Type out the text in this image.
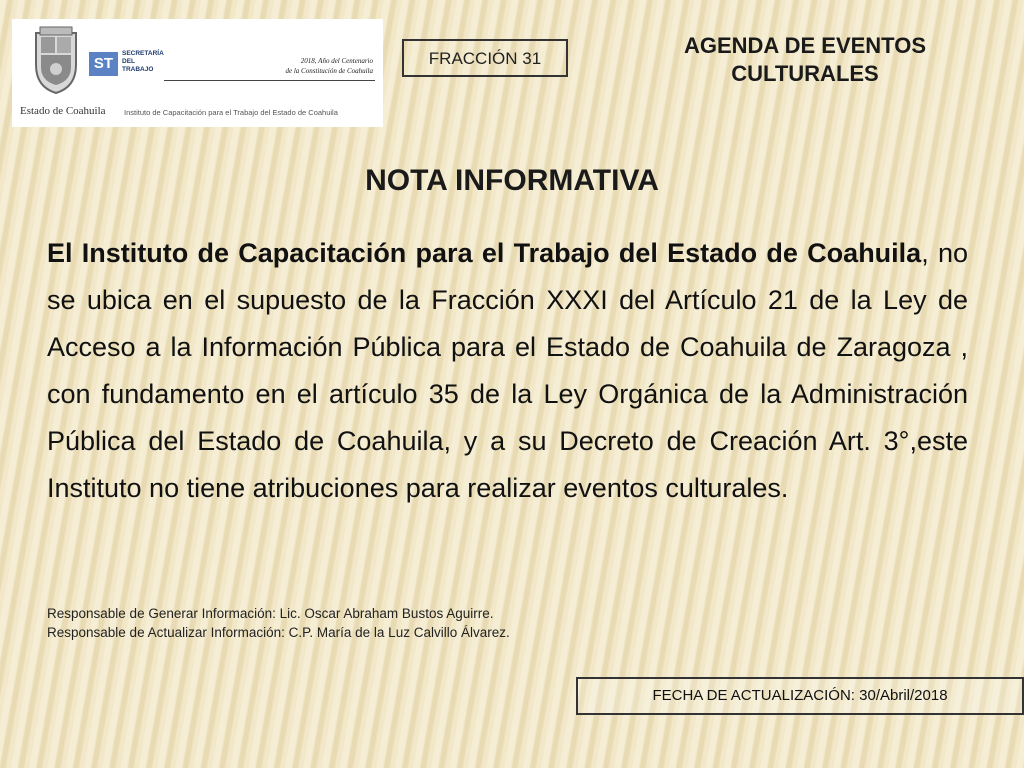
Estado de Coahuila
ST
SECRETARÍA
DEL TRABAJO
2018, Año del Centenario
de la Constitución de Coahuila
Instituto de Capacitación para el Trabajo del Estado de Coahuila
FRACCIÓN 31
AGENDA DE EVENTOS CULTURALES
NOTA INFORMATIVA

El Instituto de Capacitación para el Trabajo del Estado de Coahuila, no se ubica en el supuesto de la Fracción XXXI del Artículo 21 de la Ley de Acceso a la Información Pública para el Estado de Coahuila de Zaragoza , con fundamento en el artículo 35 de la Ley Orgánica de la Administración Pública del Estado de Coahuila, y a su Decreto de Creación Art. 3°,este Instituto no tiene atribuciones para realizar eventos culturales.

Responsable de Generar Información: Lic. Oscar Abraham Bustos Aguirre.
Responsable de Actualizar Información: C.P. María de la Luz Calvillo Álvarez.
FECHA DE ACTUALIZACIÓN: 30/Abril/2018
